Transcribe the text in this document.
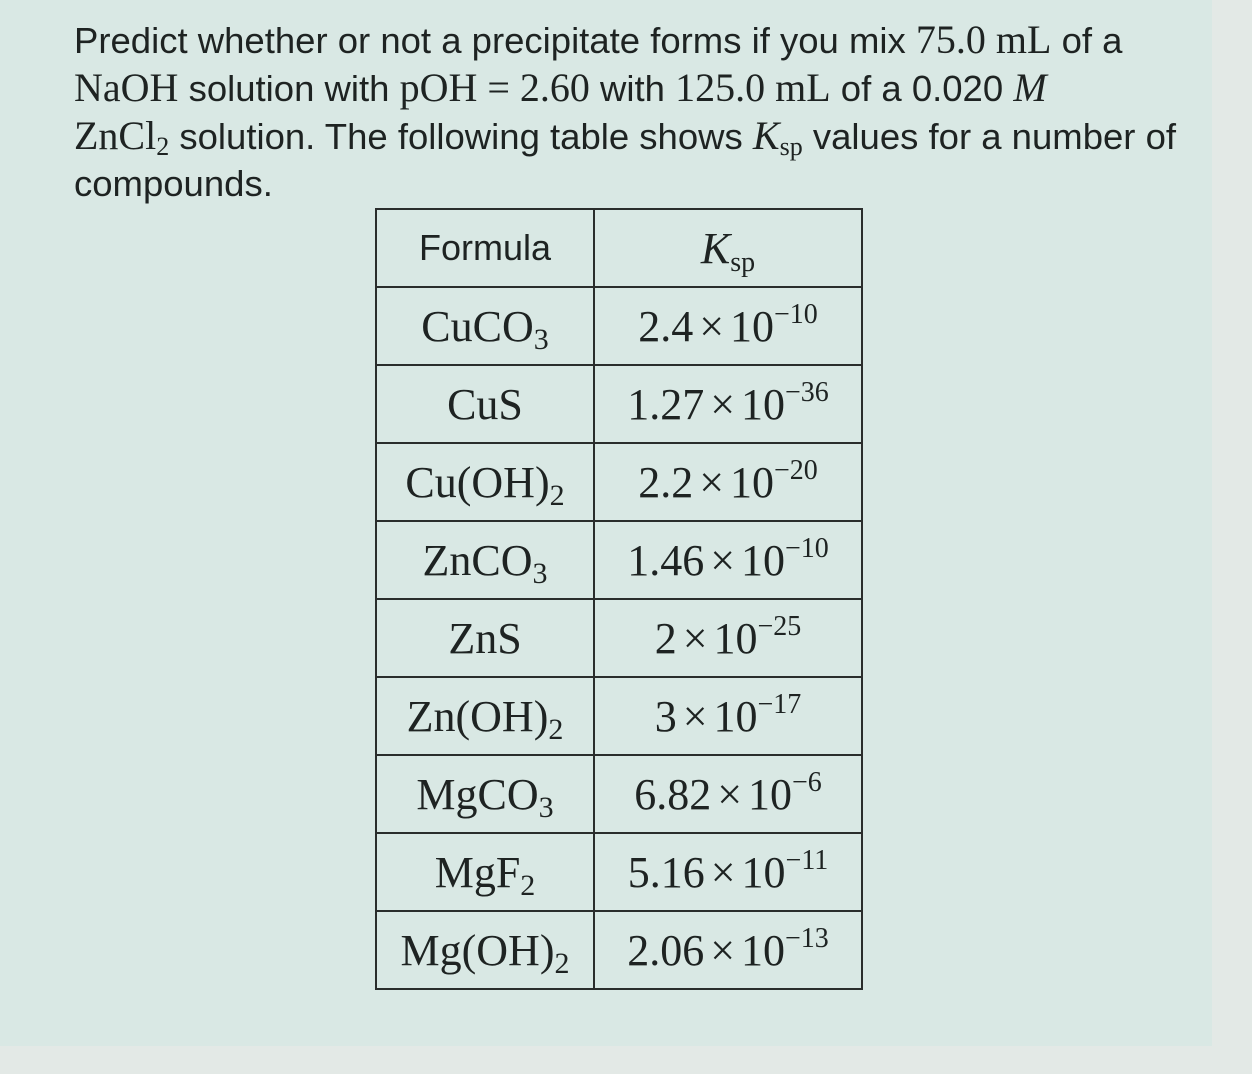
Predict whether or not a precipitate forms if you mix 75.0 mL of a
NaOH solution with pOH = 2.60 with 125.0 mL of a 0.020 M
ZnCl$_2$ solution. The following table shows $K_{sp}$ values for a number of compounds.
Formula	$K_{sp}$
CuCO$_3$	$2.4 \times 10^{-10}$
CuS	$1.27 \times 10^{-36}$
$Cu(OH)_2$	$2.2 \times 10^{-20}$
ZnCO$_3$	$1.46 \times 10^{-10}$
ZnS	$2 \times 10^{-25}$
$Zn(OH)_2$	$3 \times 10^{-17}$
MgCO$_3$	$6.82 \times 10^{-6}$
MgF$_2$	$5.16 \times 10^{-11}$
$Mg(OH)_2$	$2.06 \times 10^{-13}$
